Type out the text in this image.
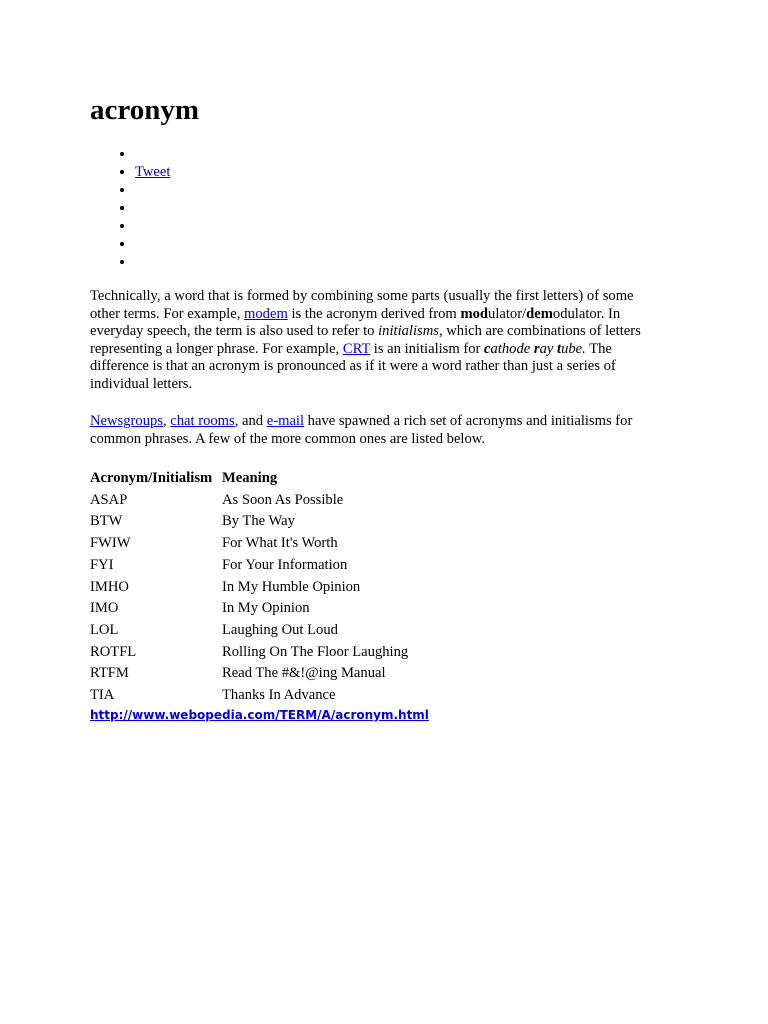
acronym
•
• Tweet
•
•
•
•
•

Technically, a word that is formed by combining some parts (usually the first letters) of some other terms. For example, modem is the acronym derived from modulator/demodulator. In everyday speech, the term is also used to refer to initialisms, which are combinations of letters representing a longer phrase. For example, CRT is an initialism for cathode ray tube. The difference is that an acronym is pronounced as if it were a word rather than just a series of individual letters.

Newsgroups, chat rooms, and e-mail have spawned a rich set of acronyms and initialisms for common phrases. A few of the more common ones are listed below.

Acronym/Initialism	Meaning
ASAP	As Soon As Possible
BTW	By The Way
FWIW	For What It's Worth
FYI	For Your Information
IMHO	In My Humble Opinion
IMO	In My Opinion
LOL	Laughing Out Loud
ROTFL	Rolling On The Floor Laughing
RTFM	Read The #&!@ing Manual
TIA	Thanks In Advance
http://www.webopedia.com/TERM/A/acronym.html
